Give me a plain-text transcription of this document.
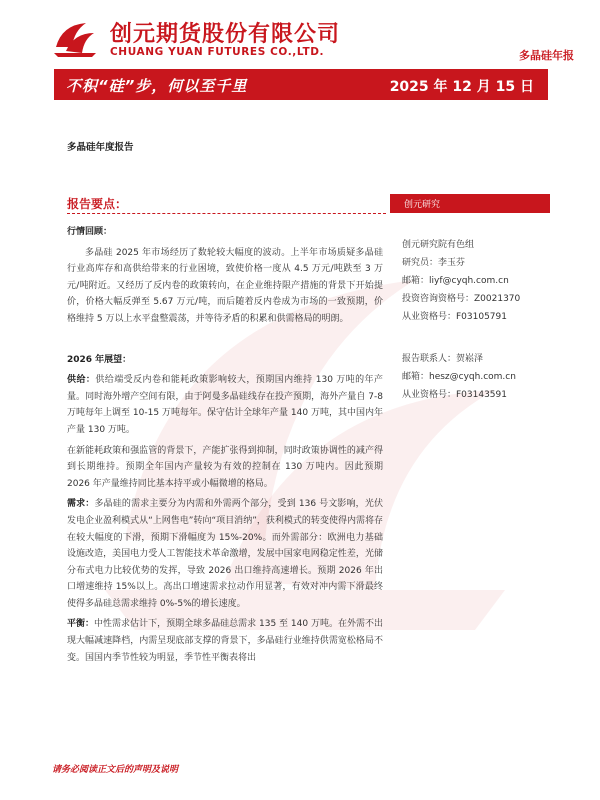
创元期货股份有限公司
CHUANG YUAN FUTURES CO.,LTD.	多晶硅年报
不积“硅”步，何以至千里	2025 年 12 月 15 日
多晶硅年度报告
报告要点：

行情回顾：

多晶硅 2025 年市场经历了数轮较大幅度的波动。上半年市场质疑多晶硅行业高库存和高供给带来的行业困境，致使价格一度从 4.5 万元/吨跌至 3 万元/吨附近。又经历了反内卷的政策转向，在企业维持限产措施的背景下开始提价，价格大幅反弹至 5.67 万元/吨，而后随着反内卷成为市场的一致预期，价格维持 5 万以上水平盘整震荡，并等待矛盾的积累和供需格局的明朗。

2026 年展望：

供给：供给端受反内卷和能耗政策影响较大，预期国内维持 130 万吨的年产量。同时海外增产空间有限，由于阿曼多晶硅线存在投产预期，海外产量自 7-8 万吨每年上调至 10-15 万吨每年。保守估计全球年产量 140 万吨，其中国内年产量 130 万吨。

在新能耗政策和强监管的背景下，产能扩张得到抑制，同时政策协调性的减产得到长期维持。预期全年国内产量较为有效的控制在 130 万吨内。因此预期 2026 年产量维持同比基本持平或小幅微增的格局。

需求：多晶硅的需求主要分为内需和外需两个部分，受到 136 号文影响，光伏发电企业盈利模式从“上网售电”转向“项目消纳”，获利模式的转变使得内需将存在较大幅度的下滑，预期下滑幅度为 15%-20%。而外需部分：欧洲电力基础设施改造，美国电力受人工智能技术革命激增，发展中国家电网稳定性差，光储分布式电力比较优势的发挥，导致 2026 出口维持高速增长。预期 2026 年出口增速维持 15%以上。高出口增速需求拉动作用显著，有效对冲内需下滑最终使得多晶硅总需求维持 0%-5%的增长速度。

平衡：中性需求估计下，预期全球多晶硅总需求 135 至 140 万吨。在外需不出现大幅减速降档，内需呈现底部支撑的背景下，多晶硅行业维持供需宽松格局不变。国国内季节性较为明显，季节性平衡表将出

创元研究
创元研究院有色组
研究员：李玉芬
邮箱：liyf@cyqh.com.cn
投资咨询资格号：Z0021370
从业资格号：F03105791
报告联系人：贺崧泽
邮箱：hesz@cyqh.com.cn
从业资格号：F03143591
请务必阅读正文后的声明及说明
